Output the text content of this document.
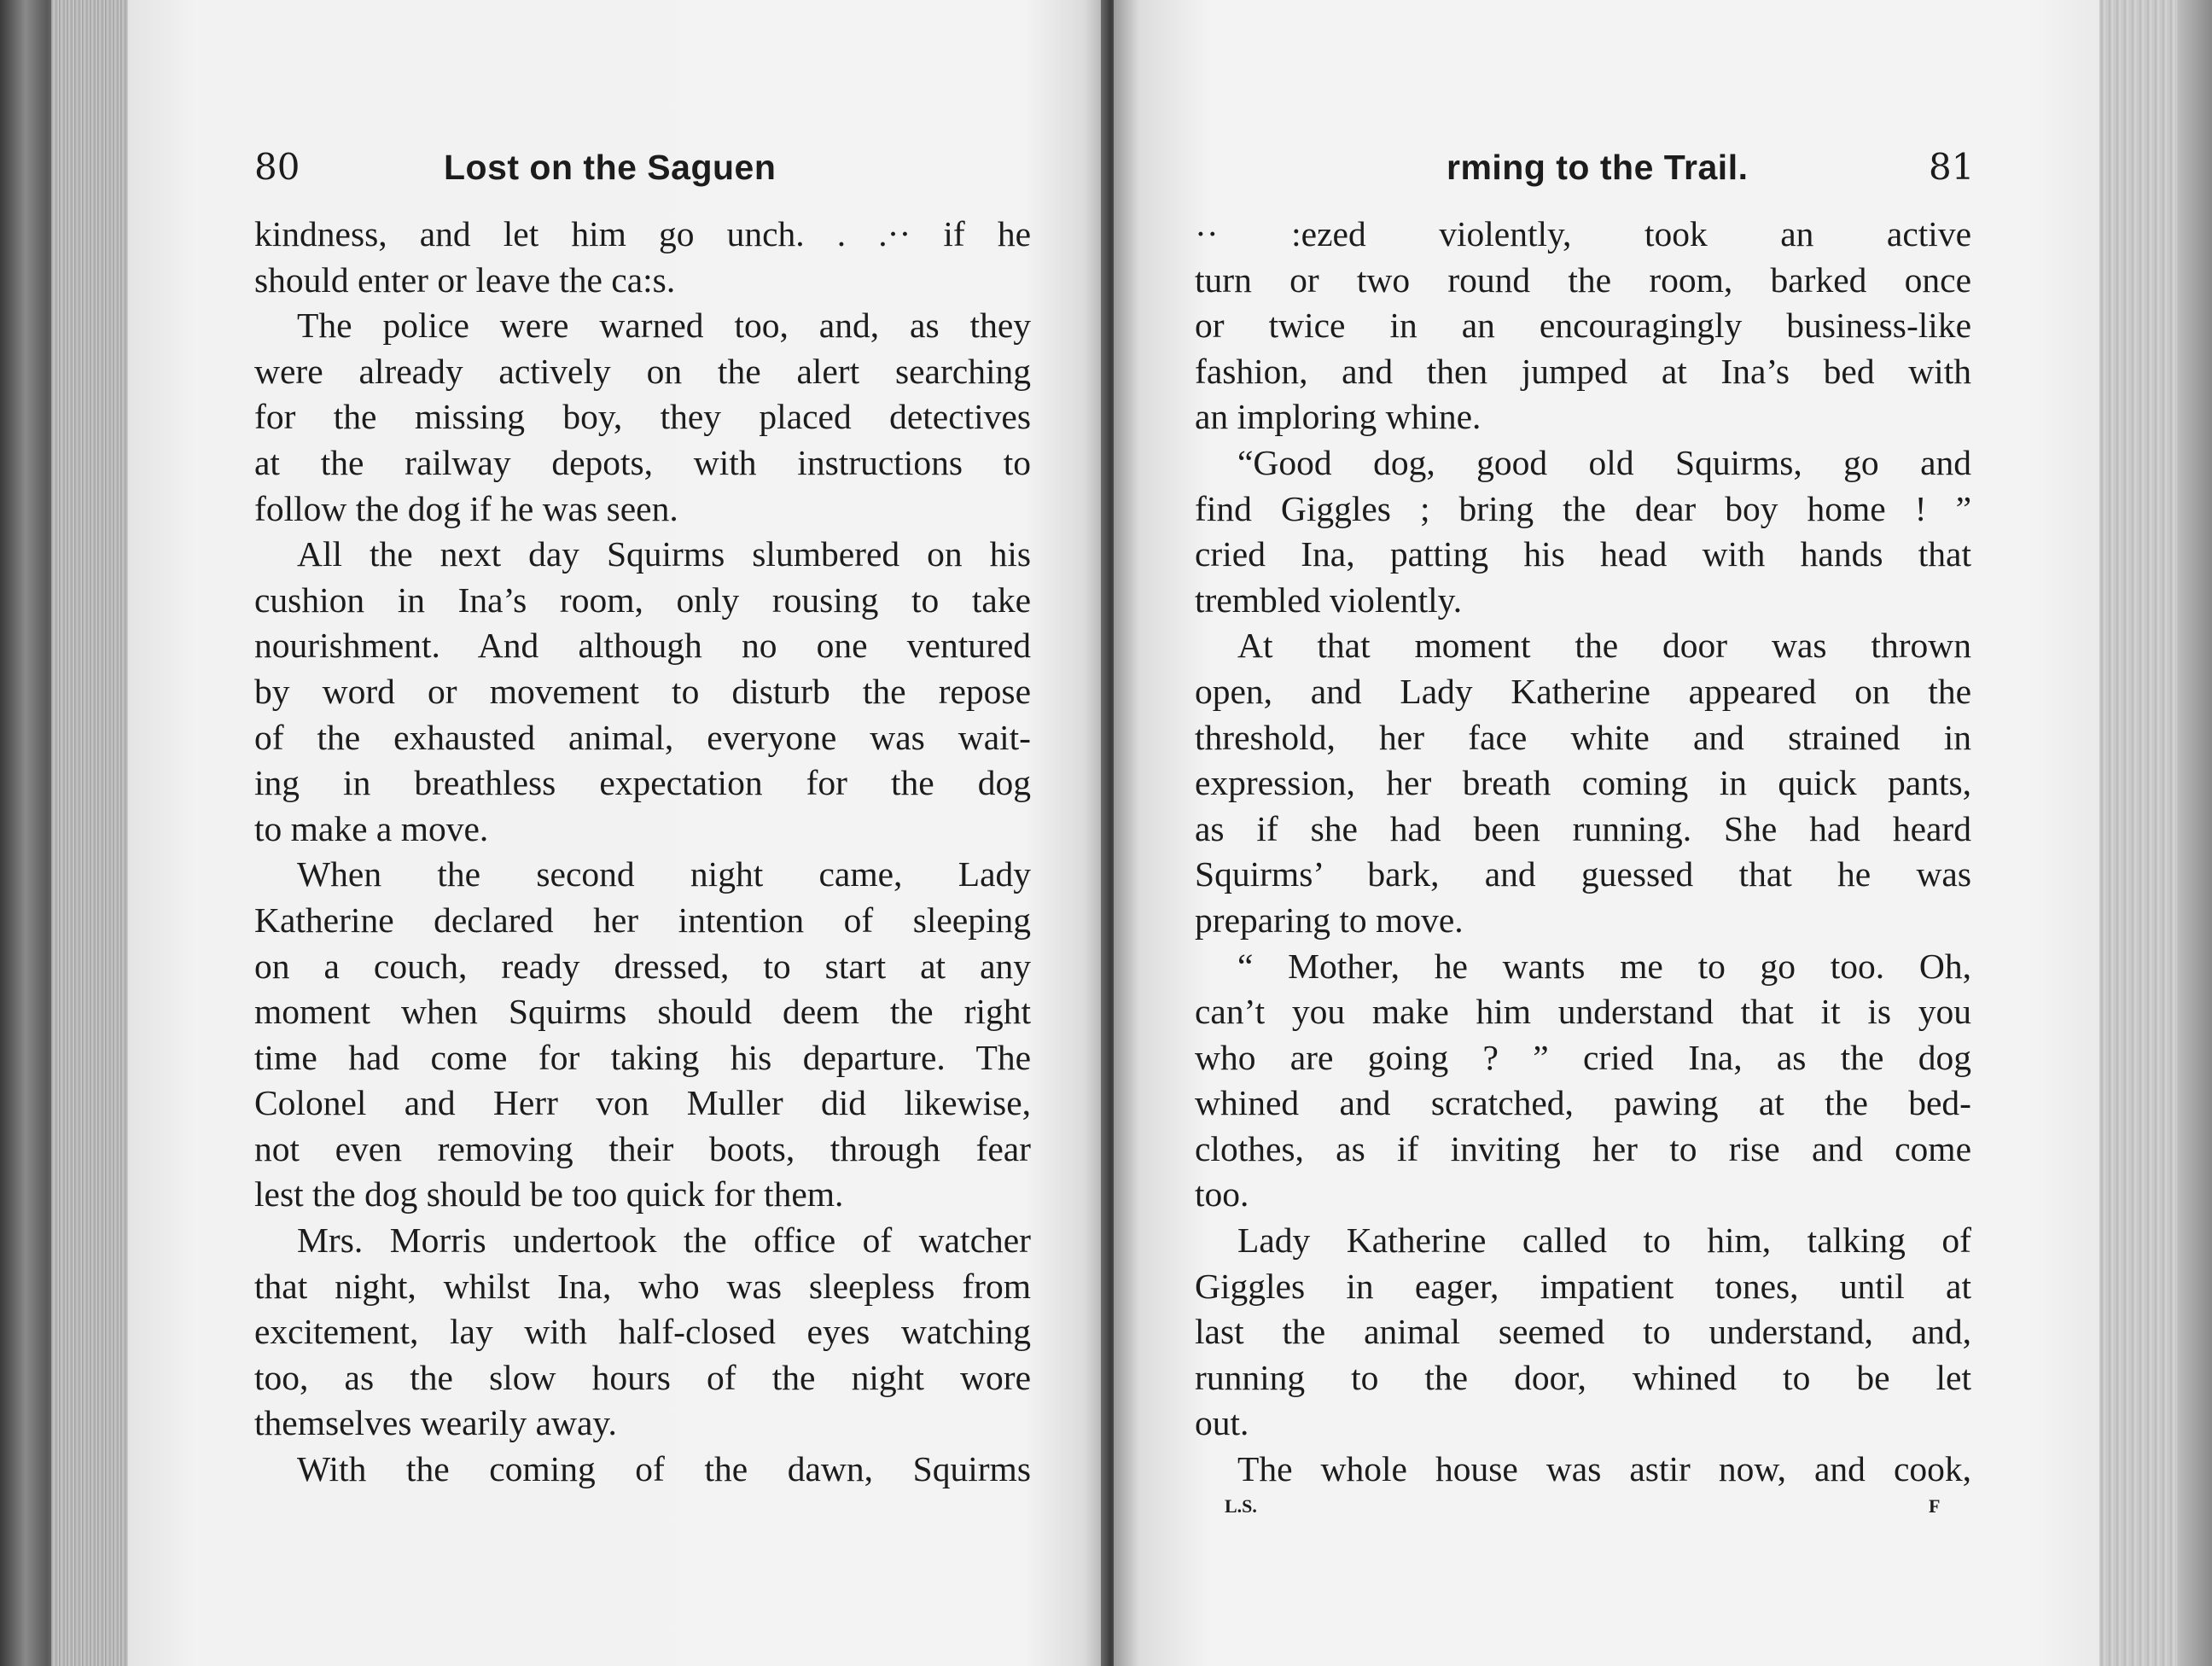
80	Lost on the Saguen
kindness, and let him go unch. . .·· if he
should enter or leave the ca:s.
The police were warned too, and, as they
were already actively on the alert searching
for the missing boy, they placed detectives
at the railway depots, with instructions to
follow the dog if he was seen.
All the next day Squirms slumbered on his
cushion in Ina’s room, only rousing to take
nourishment. And although no one ventured
by word or movement to disturb the repose
of the exhausted animal, everyone was wait-
ing in breathless expectation for the dog
to make a move.
When the second night came, Lady
Katherine declared her intention of sleeping
on a couch, ready dressed, to start at any
moment when Squirms should deem the right
time had come for taking his departure. The
Colonel and Herr von Muller did likewise,
not even removing their boots, through fear
lest the dog should be too quick for them.
Mrs. Morris undertook the office of watcher
that night, whilst Ina, who was sleepless from
excitement, lay with half-closed eyes watching
too, as the slow hours of the night wore
themselves wearily away.
With the coming of the dawn, Squirms
rming to the Trail.	81
·· :ezed violently, took an active
turn or two round the room, barked once
or twice in an encouragingly business-like
fashion, and then jumped at Ina’s bed with
an imploring whine.
“Good dog, good old Squirms, go and
find Giggles ; bring the dear boy home ! ”
cried Ina, patting his head with hands that
trembled violently.
At that moment the door was thrown
open, and Lady Katherine appeared on the
threshold, her face white and strained in
expression, her breath coming in quick pants,
as if she had been running. She had heard
Squirms’ bark, and guessed that he was
preparing to move.
“ Mother, he wants me to go too. Oh,
can’t you make him understand that it is you
who are going ? ” cried Ina, as the dog
whined and scratched, pawing at the bed-
clothes, as if inviting her to rise and come
too.
Lady Katherine called to him, talking of
Giggles in eager, impatient tones, until at
last the animal seemed to understand, and,
running to the door, whined to be let
out.
The whole house was astir now, and cook,
L.S.	F
